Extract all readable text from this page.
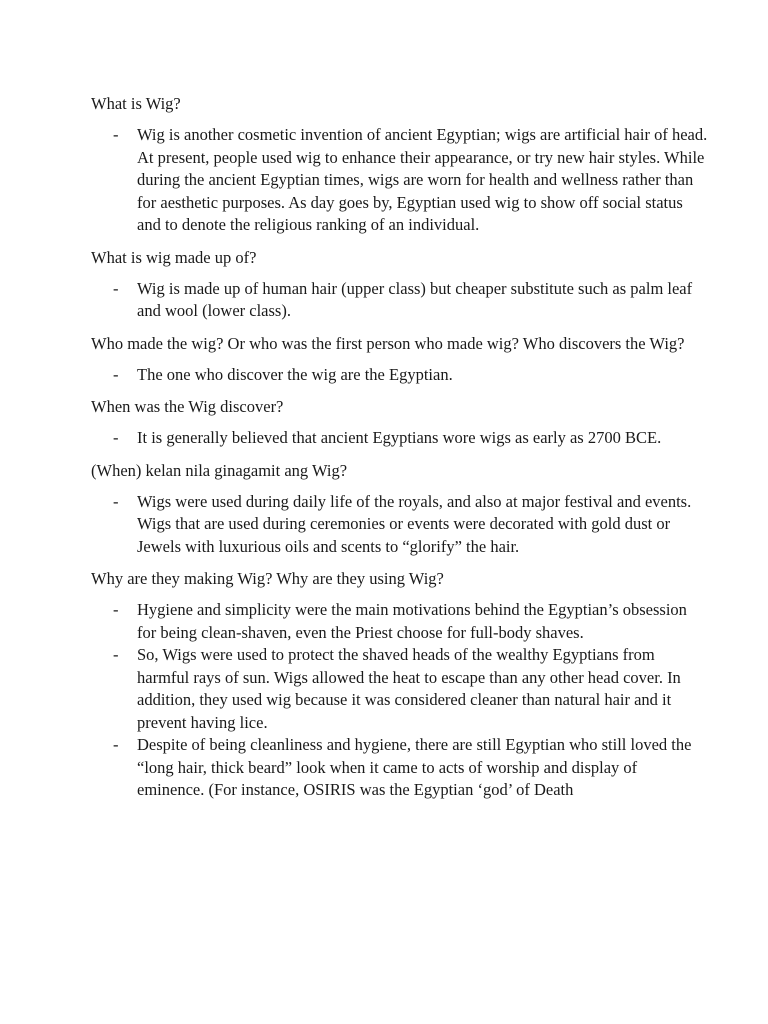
What is Wig?

- Wig is another cosmetic invention of ancient Egyptian; wigs are artificial hair of head. At present, people used wig to enhance their appearance, or try new hair styles. While during the ancient Egyptian times, wigs are worn for health and wellness rather than for aesthetic purposes. As day goes by, Egyptian used wig to show off social status and to denote the religious ranking of an individual.

What is wig made up of?

- Wig is made up of human hair (upper class) but cheaper substitute such as palm leaf and wool (lower class).

Who made the wig? Or who was the first person who made wig? Who discovers the Wig?

- The one who discover the wig are the Egyptian.

When was the Wig discover?

- It is generally believed that ancient Egyptians wore wigs as early as 2700 BCE.

(When) kelan nila ginagamit ang Wig?

- Wigs were used during daily life of the royals, and also at major festival and events. Wigs that are used during ceremonies or events were decorated with gold dust or Jewels with luxurious oils and scents to “glorify” the hair.

Why are they making Wig? Why are they using Wig?

- Hygiene and simplicity were the main motivations behind the Egyptian’s obsession for being clean-shaven, even the Priest choose for full-body shaves.
- So, Wigs were used to protect the shaved heads of the wealthy Egyptians from harmful rays of sun. Wigs allowed the heat to escape than any other head cover. In addition, they used wig because it was considered cleaner than natural hair and it prevent having lice.
- Despite of being cleanliness and hygiene, there are still Egyptian who still loved the “long hair, thick beard” look when it came to acts of worship and display of eminence. (For instance, OSIRIS was the Egyptian ‘god’ of Death
